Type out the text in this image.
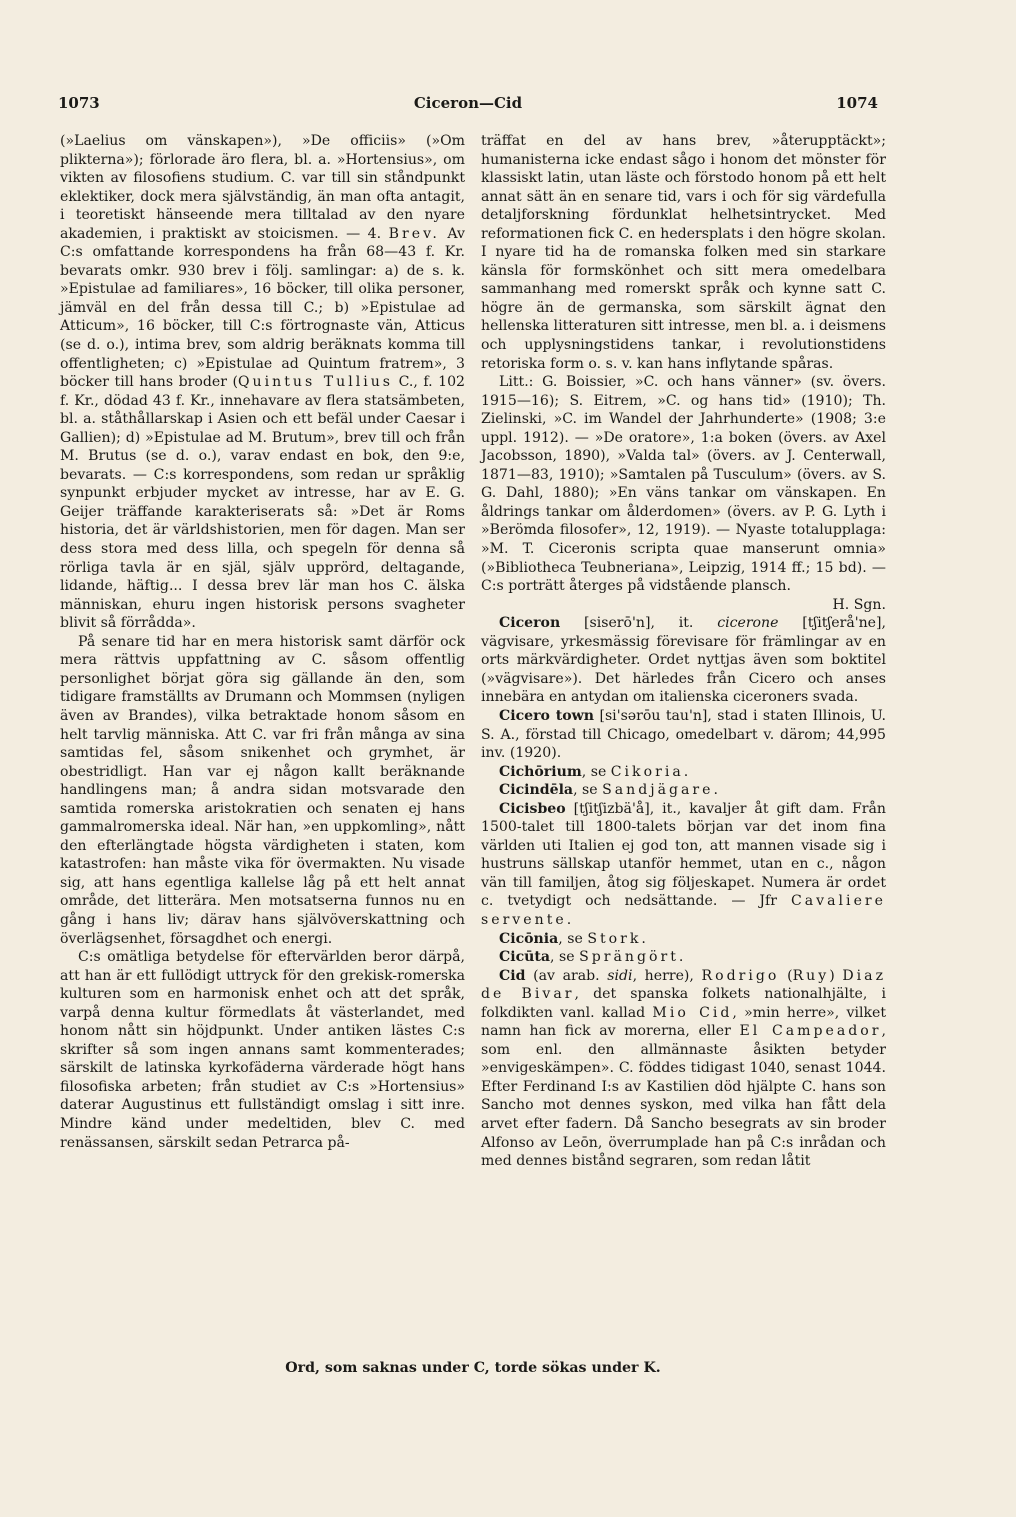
1073	Ciceron—Cid	1074

(»Laelius om vänskapen»), »De officiis» (»Om plikterna»); förlorade äro flera, bl. a. »Hortensius», om vikten av filosofiens studium. C. var till sin ståndpunkt eklektiker, dock mera självständig, än man ofta antagit, i teoretiskt hänseende mera tilltalad av den nyare akademien, i praktiskt av stoicismen. — 4. Brev. Av C:s omfattande korrespondens ha från 68—43 f. Kr. bevarats omkr. 930 brev i följ. samlingar: a) de s. k. »Epistulae ad familiares», 16 böcker, till olika personer, jämväl en del från dessa till C.; b) »Epistulae ad Atticum», 16 böcker, till C:s förtrognaste vän, Atticus (se d. o.), intima brev, som aldrig beräknats komma till offentligheten; c) »Epistulae ad Quintum fratrem», 3 böcker till hans broder (Quintus Tullius C., f. 102 f. Kr., dödad 43 f. Kr., innehavare av flera statsämbeten, bl. a. ståthållarskap i Asien och ett befäl under Caesar i Gallien); d) »Epistulae ad M. Brutum», brev till och från M. Brutus (se d. o.), varav endast en bok, den 9:e, bevarats. — C:s korrespondens, som redan ur språklig synpunkt erbjuder mycket av intresse, har av E. G. Geijer träffande karakteriserats så: »Det är Roms historia, det är världshistorien, men för dagen. Man ser dess stora med dess lilla, och spegeln för denna så rörliga tavla är en själ, själv upprörd, deltagande, lidande, häftig... I dessa brev lär man hos C. älska människan, ehuru ingen historisk persons svagheter blivit så förrådda».

På senare tid har en mera historisk samt därför ock mera rättvis uppfattning av C. såsom offentlig personlighet börjat göra sig gällande än den, som tidigare framställts av Drumann och Mommsen (nyligen även av Brandes), vilka betraktade honom såsom en helt tarvlig människa. Att C. var fri från många av sina samtidas fel, såsom snikenhet och grymhet, är obestridligt. Han var ej någon kallt beräknande handlingens man; å andra sidan motsvarade den samtida romerska aristokratien och senaten ej hans gammalromerska ideal. När han, »en uppkomling», nått den efterlängtade högsta värdigheten i staten, kom katastrofen: han måste vika för övermakten. Nu visade sig, att hans egentliga kallelse låg på ett helt annat område, det litterära. Men motsatserna funnos nu en gång i hans liv; därav hans självöverskattning och överlägsenhet, försagdhet och energi.

C:s omätliga betydelse för eftervärlden beror därpå, att han är ett fullödigt uttryck för den grekisk-romerska kulturen som en harmonisk enhet och att det språk, varpå denna kultur förmedlats åt västerlandet, med honom nått sin höjdpunkt. Under antiken lästes C:s skrifter så som ingen annans samt kommenterades; särskilt de latinska kyrkofäderna värderade högt hans filosofiska arbeten; från studiet av C:s »Hortensius» daterar Augustinus ett fullständigt omslag i sitt inre. Mindre känd under medeltiden, blev C. med renässansen, särskilt sedan Petrarca på-

träffat en del av hans brev, »återupptäckt»; humanisterna icke endast sågo i honom det mönster för klassiskt latin, utan läste och förstodo honom på ett helt annat sätt än en senare tid, vars i och för sig värdefulla detaljforskning fördunklat helhetsintrycket. Med reformationen fick C. en hedersplats i den högre skolan. I nyare tid ha de romanska folken med sin starkare känsla för formskönhet och sitt mera omedelbara sammanhang med romerskt språk och kynne satt C. högre än de germanska, som särskilt ägnat den hellenska litteraturen sitt intresse, men bl. a. i deismens och upplysningstidens tankar, i revolutionstidens retoriska form o. s. v. kan hans inflytande spåras.

Litt.: G. Boissier, »C. och hans vänner» (sv. övers. 1915—16); S. Eitrem, »C. og hans tid» (1910); Th. Zielinski, »C. im Wandel der Jahrhunderte» (1908; 3:e uppl. 1912). — »De oratore», 1:a boken (övers. av Axel Jacobsson, 1890), »Valda tal» (övers. av J. Centerwall, 1871—83, 1910); »Samtalen på Tusculum» (övers. av S. G. Dahl, 1880); »En väns tankar om vänskapen. En åldrings tankar om ålderdomen» (övers. av P. G. Lyth i »Berömda filosofer», 12, 1919). — Nyaste totalupplaga: »M. T. Ciceronis scripta quae manserunt omnia» (»Bibliotheca Teubneriana», Leipzig, 1914 ff.; 15 bd). — C:s porträtt återges på vidstående plansch.
H. Sgn.

Ciceron [siserō'n], it. cicerone [tʃitʃerå'ne], vägvisare, yrkesmässig förevisare för främlingar av en orts märkvärdigheter. Ordet nyttjas även som boktitel (»vägvisare»). Det härledes från Cicero och anses innebära en antydan om italienska ciceroners svada.

Cicero town [si'sərōu tau'n], stad i staten Illinois, U. S. A., förstad till Chicago, omedelbart v. därom; 44,995 inv. (1920).

Cichōrium, se Cikoria.

Cicindēla, se Sandjägare.

Cicisbeo [tʃitʃizbä'å], it., kavaljer åt gift dam. Från 1500-talet till 1800-talets början var det inom fina världen uti Italien ej god ton, att mannen visade sig i hustruns sällskap utanför hemmet, utan en c., någon vän till familjen, åtog sig följeskapet. Numera är ordet c. tvetydigt och nedsättande. — Jfr Cavaliere servente.

Cicōnia, se Stork.

Cicūta, se Sprängört.

Cid (av arab. sidi, herre), Rodrigo (Ruy) Diaz de Bivar, det spanska folkets nationalhjälte, i folkdikten vanl. kallad Mio Cid, »min herre», vilket namn han fick av morerna, eller El Campeador, som enl. den allmännaste åsikten betyder »envigeskämpen». C. föddes tidigast 1040, senast 1044. Efter Ferdinand I:s av Kastilien död hjälpte C. hans son Sancho mot dennes syskon, med vilka han fått dela arvet efter fadern. Då Sancho besegrats av sin broder Alfonso av Leōn, överrumplade han på C:s inrådan och med dennes bistånd segraren, som redan låtit

Ord, som saknas under C, torde sökas under K.
